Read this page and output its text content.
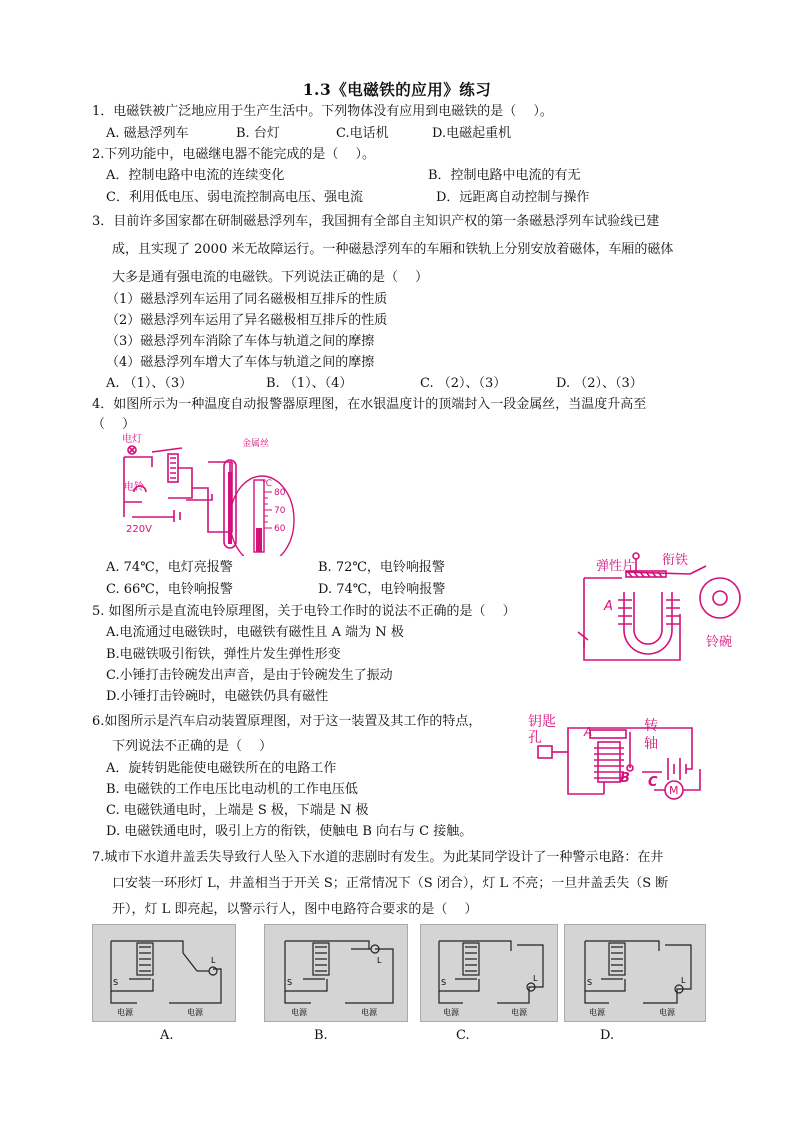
1.3《电磁铁的应用》练习
1．电磁铁被广泛地应用于生产生活中。下列物体没有应用到电磁铁的是（　 ）。
A. 磁悬浮列车	B. 台灯	C.电话机	D.电磁起重机
2.下列功能中，电磁继电器不能完成的是（　 ）。
A．控制电路中电流的连续变化	B．控制电路中电流的有无
C．利用低电压、弱电流控制高电压、强电流	D．远距离自动控制与操作
3．目前许多国家都在研制磁悬浮列车，我国拥有全部自主知识产权的第一条磁悬浮列车试验线已建
成，且实现了 2000 米无故障运行。一种磁悬浮列车的车厢和铁轨上分别安放着磁体，车厢的磁体
大多是通有强电流的电磁铁。下列说法正确的是（　 ）
（1）磁悬浮列车运用了同名磁极相互排斥的性质
（2）磁悬浮列车运用了异名磁极相互排斥的性质
（3）磁悬浮列车消除了车体与轨道之间的摩擦
（4）磁悬浮列车增大了车体与轨道之间的摩擦
A. （1）、（3）	B. （1）、（4）	C. （2）、（3）	D. （2）、（3）
4．如图所示为一种温度自动报警器原理图，在水银温度计的顶端封入一段金属丝，当温度升高至
（　 ）
电灯
电铃
220V
金属丝
℃
80
70
60
A. 74℃，电灯亮报警	B. 72℃，电铃响报警
C. 66℃，电铃响报警	D. 74℃，电铃响报警
弹性片 衔铁
A
铃碗
5. 如图所示是直流电铃原理图，关于电铃工作时的说法不正确的是（　 ）
A.电流通过电磁铁时，电磁铁有磁性且 A 端为 N 极
B.电磁铁吸引衔铁，弹性片发生弹性形变
C.小锤打击铃碗发出声音，是由于铃碗发生了振动
D.小锤打击铃碗时，电磁铁仍具有磁性
钥匙
孔	A
B C
转
轴
M
6.如图所示是汽车启动装置原理图，对于这一装置及其工作的特点，
下列说法不正确的是（　 ）
A．旋转钥匙能使电磁铁所在的电路工作
B. 电磁铁的工作电压比电动机的工作电压低
C. 电磁铁通电时，上端是 S 极，下端是 N 极
D. 电磁铁通电时，吸引上方的衔铁，使触电 B 向右与 C 接触。
7.城市下水道井盖丢失导致行人坠入下水道的悲剧时有发生。为此某同学设计了一种警示电路：在井
口安装一环形灯 L，井盖相当于开关 S；正常情况下（S 闭合），灯 L 不亮；一旦井盖丢失（S 断
开），灯 L 即亮起，以警示行人，图中电路符合要求的是（　 ）
S
L
电源	电源
S
L
电源	电源
S	L
电源	电源
S	L
电源	电源
A.	B.	C.	D.
